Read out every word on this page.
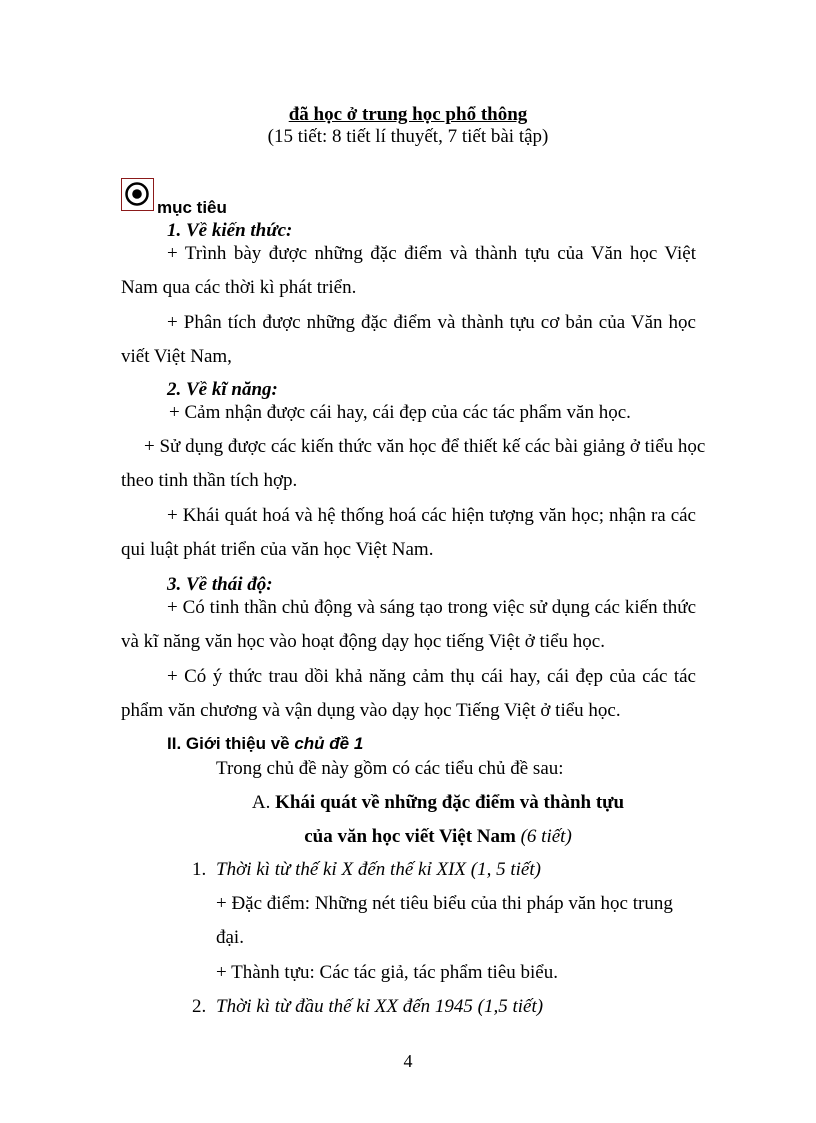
đã học ở trung học phổ thông
(15 tiết: 8 tiết lí thuyết, 7 tiết bài tập)
mục tiêu
1. Về kiến thức:
+ Trình bày được những đặc điểm và thành tựu của Văn học Việt
Nam qua các thời kì phát triển.
+ Phân tích được những đặc điểm và thành tựu cơ bản của Văn học
viết Việt Nam,
2. Về kĩ năng:
+ Cảm nhận được cái hay, cái đẹp của các tác phẩm văn học.
+ Sử dụng được các kiến thức văn học để thiết kế các bài giảng ở tiểu học
theo tinh thần tích hợp.
+ Khái quát hoá và hệ thống hoá các hiện tượng văn học; nhận ra các
qui luật phát triển của văn học Việt Nam.
3. Về thái độ:
+ Có tinh thần chủ động và sáng tạo trong việc sử dụng các kiến thức
và kĩ năng văn học vào hoạt động dạy học tiếng Việt ở tiểu học.
+ Có ý thức trau dồi khả năng cảm thụ cái hay, cái đẹp của các tác
phẩm văn chương và vận dụng vào dạy học Tiếng Việt ở tiểu học.
II. Giới thiệu về chủ đề 1
Trong chủ đề này gồm có các tiểu chủ đề sau:
A. Khái quát về những đặc điểm và thành tựu
của văn học viết Việt Nam (6 tiết)
1. Thời kì từ thế kỉ X đến thế kỉ XIX (1, 5 tiết)
+ Đặc điểm: Những nét tiêu biểu của thi pháp văn học trung
đại.
+ Thành tựu: Các tác giả, tác phẩm tiêu biểu.
2. Thời kì từ đầu thế kỉ XX đến 1945 (1,5 tiết)
4
